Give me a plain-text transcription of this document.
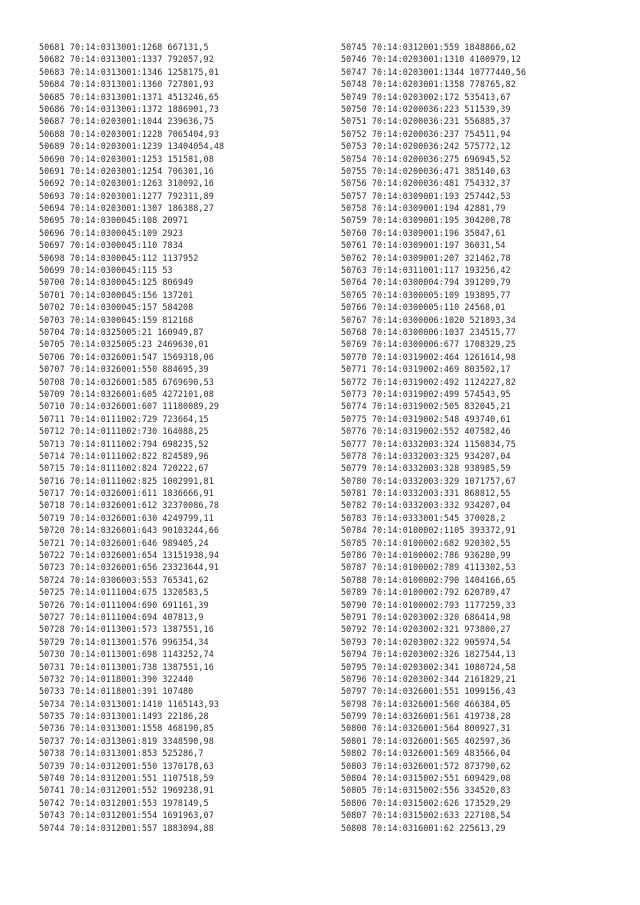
50681 70:14:0313001:1268 667131,5
50682 70:14:0313001:1337 792057,92
50683 70:14:0313001:1346 1258175,01
50684 70:14:0313001:1360 727801,93
50685 70:14:0313001:1371 4513246,65
50686 70:14:0313001:1372 1886901,73
50687 70:14:0203001:1044 239636,75
50688 70:14:0203001:1228 7065404,93
50689 70:14:0203001:1239 13404054,48
50690 70:14:0203001:1253 151581,08
50691 70:14:0203001:1254 706301,16
50692 70:14:0203001:1263 310092,16
50693 70:14:0203001:1277 792311,89
50694 70:14:0203001:1307 186388,27
50695 70:14:0300045:108 20971
50696 70:14:0300045:109 2923
50697 70:14:0300045:110 7834
50698 70:14:0300045:112 1137952
50699 70:14:0300045:115 53
50700 70:14:0300045:125 806949
50701 70:14:0300045:156 137201
50702 70:14:0300045:157 584208
50703 70:14:0300045:159 812168
50704 70:14:0325005:21 160949,87
50705 70:14:0325005:23 2469630,01
50706 70:14:0326001:547 1569318,06
50707 70:14:0326001:550 884695,39
50708 70:14:0326001:585 6769690,53
50709 70:14:0326001:605 4272101,08
50710 70:14:0326001:607 11180089,29
50711 70:14:0111002:729 723664,15
50712 70:14:0111002:730 164088,25
50713 70:14:0111002:794 698235,52
50714 70:14:0111002:822 824589,96
50715 70:14:0111002:824 720222,67
50716 70:14:0111002:825 1002991,81
50717 70:14:0326001:611 1836666,91
50718 70:14:0326001:612 32370086,78
50719 70:14:0326001:630 4249799,11
50720 70:14:0326001:643 90103244,66
50721 70:14:0326001:646 989405,24
50722 70:14:0326001:654 13151938,94
50723 70:14:0326001:656 23323644,91
50724 70:14:0306003:553 765341,62
50725 70:14:0111004:675 1320583,5
50726 70:14:0111004:690 691161,39
50727 70:14:0111004:694 407813,9
50728 70:14:0113001:573 1387551,16
50729 70:14:0113001:576 996354,34
50730 70:14:0113001:698 1143252,74
50731 70:14:0113001:738 1387551,16
50732 70:14:0118001:390 322440
50733 70:14:0118001:391 107480
50734 70:14:0313001:1410 1165143,93
50735 70:14:0313001:1493 22186,28
50736 70:14:0313001:1558 468190,85
50737 70:14:0313001:819 3348590,98
50738 70:14:0313001:853 525286,7
50739 70:14:0312001:550 1370178,63
50740 70:14:0312001:551 1107518,59
50741 70:14:0312001:552 1969238,91
50742 70:14:0312001:553 1978149,5
50743 70:14:0312001:554 1691963,07
50744 70:14:0312001:557 1883094,88
50745 70:14:0312001:559 1848866,62
50746 70:14:0203001:1310 4100979,12
50747 70:14:0203001:1344 10777440,56
50748 70:14:0203001:1358 778765,82
50749 70:14:0203002:172 535413,67
50750 70:14:0200036:223 511539,39
50751 70:14:0200036:231 556885,37
50752 70:14:0200036:237 754511,94
50753 70:14:0200036:242 575772,12
50754 70:14:0200036:275 696945,52
50755 70:14:0200036:471 385140,63
50756 70:14:0200036:481 754332,37
50757 70:14:0309001:193 257442,53
50758 70:14:0309001:194 42881,79
50759 70:14:0309001:195 304200,78
50760 70:14:0309001:196 35047,61
50761 70:14:0309001:197 36031,54
50762 70:14:0309001:207 321462,78
50763 70:14:0311001:117 193256,42
50764 70:14:0300004:794 391209,79
50765 70:14:0300005:109 193895,77
50766 70:14:0300005:110 24568,01
50767 70:14:0300006:1020 521893,34
50768 70:14:0300006:1037 234515,77
50769 70:14:0300006:677 1708329,25
50770 70:14:0319002:464 1261614,98
50771 70:14:0319002:469 803502,17
50772 70:14:0319002:492 1124227,82
50773 70:14:0319002:499 574543,95
50774 70:14:0319002:505 832045,21
50775 70:14:0319002:548 493740,61
50776 70:14:0319002:552 407582,46
50777 70:14:0332003:324 1150834,75
50778 70:14:0332003:325 934207,04
50779 70:14:0332003:328 938985,59
50780 70:14:0332003:329 1071757,67
50781 70:14:0332003:331 868812,55
50782 70:14:0332003:332 934207,04
50783 70:14:0333001:545 370028,2
50784 70:14:0100002:1105 393372,91
50785 70:14:0100002:682 920302,55
50786 70:14:0100002:786 936280,99
50787 70:14:0100002:789 4113302,53
50788 70:14:0100002:790 1404166,65
50789 70:14:0100002:792 620789,47
50790 70:14:0100002:793 1177259,33
50791 70:14:0203002:320 686414,98
50792 70:14:0203002:321 973800,27
50793 70:14:0203002:322 905974,54
50794 70:14:0203002:326 1827544,13
50795 70:14:0203002:341 1080724,58
50796 70:14:0203002:344 2161829,21
50797 70:14:0326001:551 1099156,43
50798 70:14:0326001:560 466384,05
50799 70:14:0326001:561 419738,28
50800 70:14:0326001:564 800927,31
50801 70:14:0326001:565 402597,36
50802 70:14:0326001:569 483566,04
50803 70:14:0326001:572 873790,62
50804 70:14:0315002:551 609429,08
50805 70:14:0315002:556 334520,83
50806 70:14:0315002:626 173529,29
50807 70:14:0315002:633 227108,54
50808 70:14:0316001:62 225613,29
